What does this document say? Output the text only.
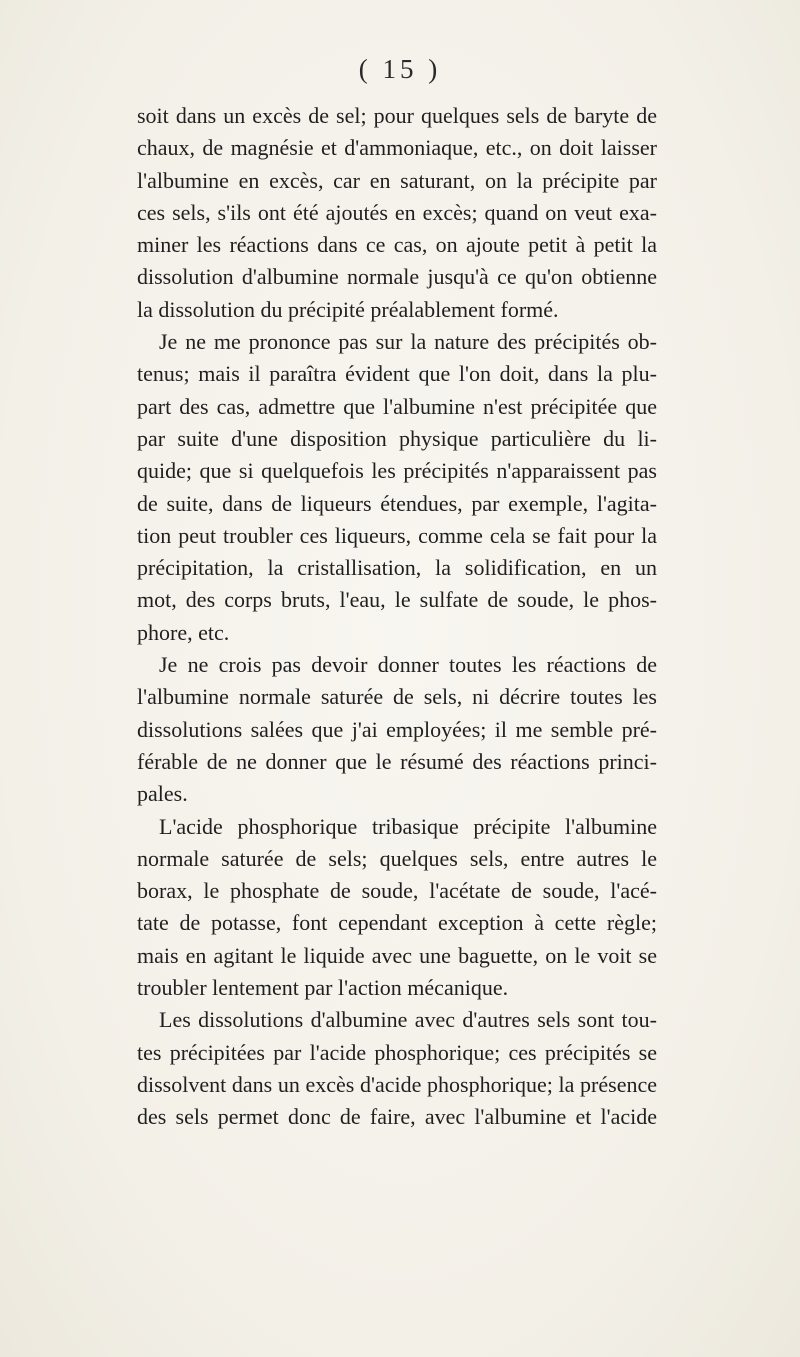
( 15 )
soit dans un excès de sel; pour quelques sels de baryte de
chaux, de magnésie et d'ammoniaque, etc., on doit laisser
l'albumine en excès, car en saturant, on la précipite par
ces sels, s'ils ont été ajoutés en excès; quand on veut exa-
miner les réactions dans ce cas, on ajoute petit à petit la
dissolution d'albumine normale jusqu'à ce qu'on obtienne
la dissolution du précipité préalablement formé.
Je ne me prononce pas sur la nature des précipités ob-
tenus; mais il paraîtra évident que l'on doit, dans la plu-
part des cas, admettre que l'albumine n'est précipitée que
par suite d'une disposition physique particulière du li-
quide; que si quelquefois les précipités n'apparaissent pas
de suite, dans de liqueurs étendues, par exemple, l'agita-
tion peut troubler ces liqueurs, comme cela se fait pour la
précipitation, la cristallisation, la solidification, en un
mot, des corps bruts, l'eau, le sulfate de soude, le phos-
phore, etc.
Je ne crois pas devoir donner toutes les réactions de
l'albumine normale saturée de sels, ni décrire toutes les
dissolutions salées que j'ai employées; il me semble pré-
férable de ne donner que le résumé des réactions princi-
pales.
L'acide phosphorique tribasique précipite l'albumine
normale saturée de sels; quelques sels, entre autres le
borax, le phosphate de soude, l'acétate de soude, l'acé-
tate de potasse, font cependant exception à cette règle;
mais en agitant le liquide avec une baguette, on le voit se
troubler lentement par l'action mécanique.
Les dissolutions d'albumine avec d'autres sels sont tou-
tes précipitées par l'acide phosphorique; ces précipités se
dissolvent dans un excès d'acide phosphorique; la présence
des sels permet donc de faire, avec l'albumine et l'acide
